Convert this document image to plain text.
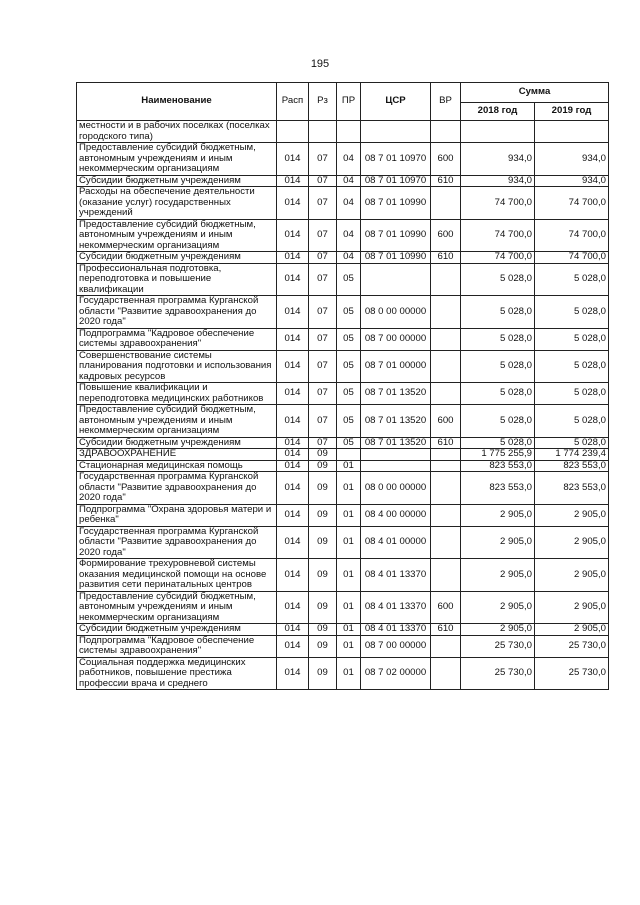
195
Наименование	Расп	Рз	ПР	ЦСР	ВР	Сумма	
						2018 год	2019 год
местности и в рабочих поселках (поселках городского типа)							
Предоставление субсидий бюджетным, автономным учреждениям и иным некоммерческим организациям	014	07	04	08 7 01 10970	600	934,0	934,0
Субсидии бюджетным учреждениям	014	07	04	08 7 01 10970	610	934,0	934,0
Расходы на обеспечение деятельности (оказание услуг) государственных учреждений	014	07	04	08 7 01 10990		74 700,0	74 700,0
Предоставление субсидий бюджетным, автономным учреждениям и иным некоммерческим организациям	014	07	04	08 7 01 10990	600	74 700,0	74 700,0
Субсидии бюджетным учреждениям	014	07	04	08 7 01 10990	610	74 700,0	74 700,0
Профессиональная подготовка, переподготовка и повышение квалификации	014	07	05			5 028,0	5 028,0
Государственная программа Курганской области "Развитие здравоохранения до 2020 года"	014	07	05	08 0 00 00000		5 028,0	5 028,0
Подпрограмма "Кадровое обеспечение системы здравоохранения"	014	07	05	08 7 00 00000		5 028,0	5 028,0
Совершенствование системы планирования подготовки и использования кадровых ресурсов	014	07	05	08 7 01 00000		5 028,0	5 028,0
Повышение квалификации и переподготовка медицинских работников	014	07	05	08 7 01 13520		5 028,0	5 028,0
Предоставление субсидий бюджетным, автономным учреждениям и иным некоммерческим организациям	014	07	05	08 7 01 13520	600	5 028,0	5 028,0
Субсидии бюджетным учреждениям	014	07	05	08 7 01 13520	610	5 028,0	5 028,0
ЗДРАВООХРАНЕНИЕ	014	09				1 775 255,9	1 774 239,4
Стационарная медицинская помощь	014	09	01			823 553,0	823 553,0
Государственная программа Курганской области "Развитие здравоохранения до 2020 года"	014	09	01	08 0 00 00000		823 553,0	823 553,0
Подпрограмма "Охрана здоровья матери и ребенка"	014	09	01	08 4 00 00000		2 905,0	2 905,0
Государственная программа Курганской области "Развитие здравоохранения до 2020 года"	014	09	01	08 4 01 00000		2 905,0	2 905,0
Формирование трехуровневой системы оказания медицинской помощи на основе развития сети перинатальных центров	014	09	01	08 4 01 13370		2 905,0	2 905,0
Предоставление субсидий бюджетным, автономным учреждениям и иным некоммерческим организациям	014	09	01	08 4 01 13370	600	2 905,0	2 905,0
Субсидии бюджетным учреждениям	014	09	01	08 4 01 13370	610	2 905,0	2 905,0
Подпрограмма "Кадровое обеспечение системы здравоохранения"	014	09	01	08 7 00 00000		25 730,0	25 730,0
Социальная поддержка медицинских работников, повышение престижа профессии врача и среднего	014	09	01	08 7 02 00000		25 730,0	25 730,0
